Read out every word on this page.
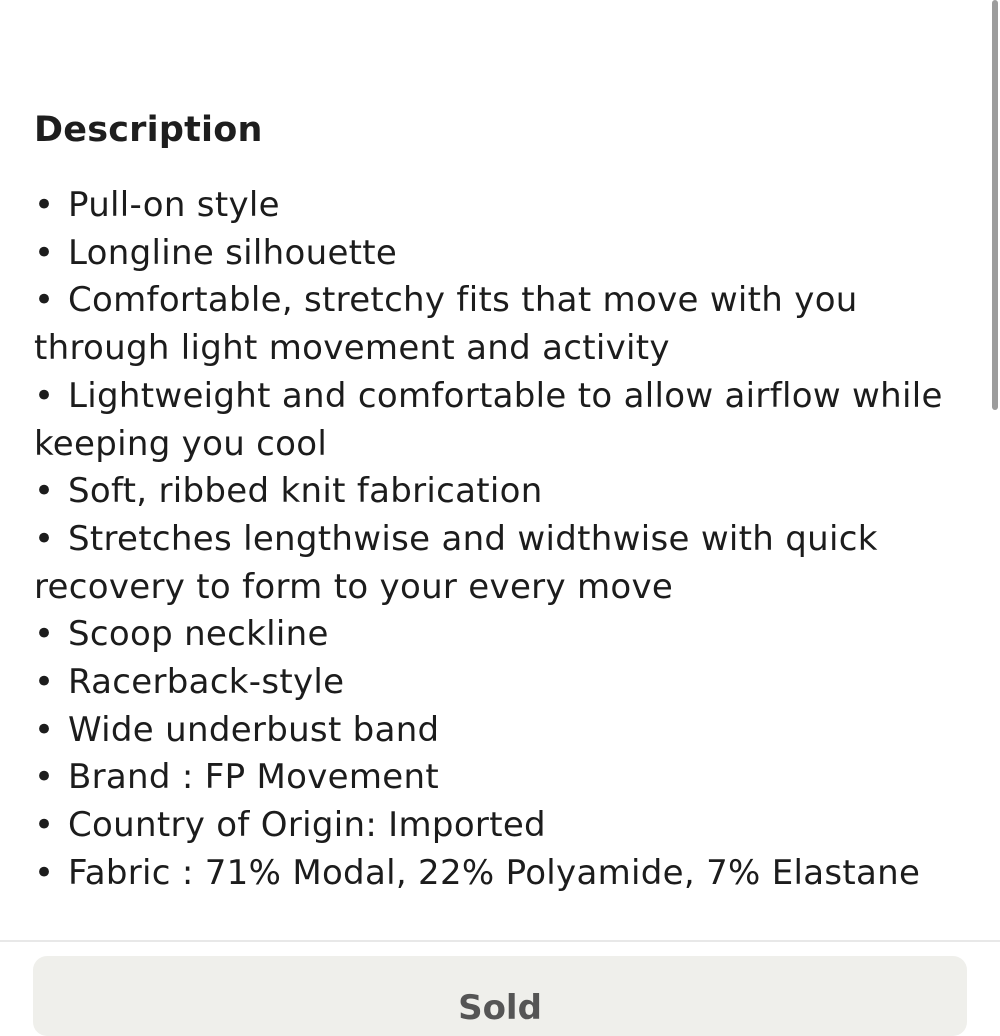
Description
• Pull-on style
• Longline silhouette
• Comfortable, stretchy fits that move with you through light movement and activity
• Lightweight and comfortable to allow airflow while keeping you cool
• Soft, ribbed knit fabrication
• Stretches lengthwise and widthwise with quick recovery to form to your every move
• Scoop neckline
• Racerback-style
• Wide underbust band
• Brand : FP Movement
• Country of Origin: Imported
• Fabric : 71% Modal, 22% Polyamide, 7% Elastane
Sold
